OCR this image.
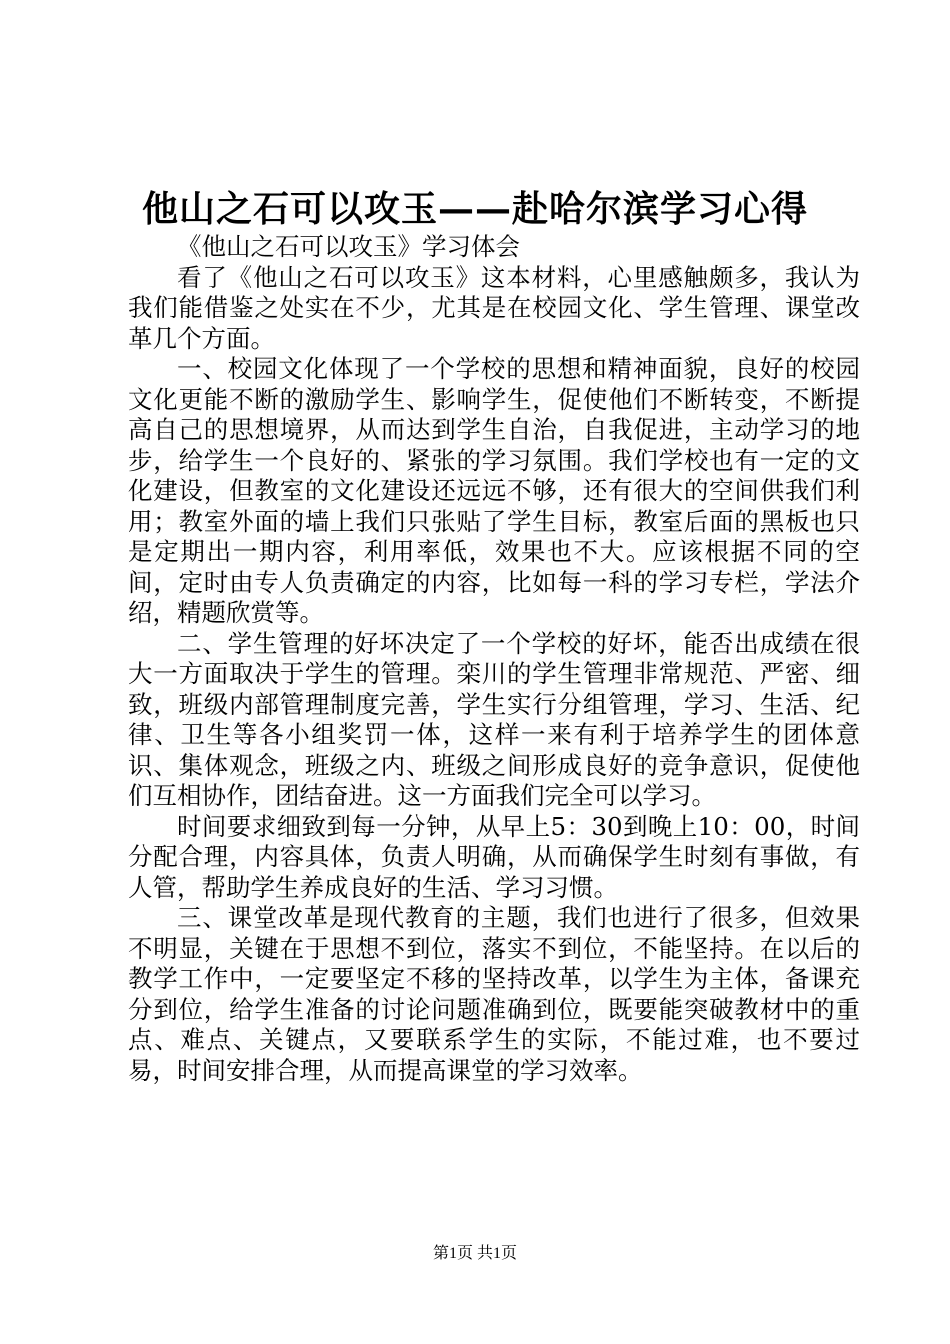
他山之石可以攻玉——赴哈尔滨学习心得

《他山之石可以攻玉》学习体会

看了《他山之石可以攻玉》这本材料，心里感触颇多，我认为我们能借鉴之处实在不少，尤其是在校园文化、学生管理、课堂改革几个方面。

一、校园文化体现了一个学校的思想和精神面貌，良好的校园文化更能不断的激励学生、影响学生，促使他们不断转变，不断提高自己的思想境界，从而达到学生自治，自我促进，主动学习的地步，给学生一个良好的、紧张的学习氛围。我们学校也有一定的文化建设，但教室的文化建设还远远不够，还有很大的空间供我们利用；教室外面的墙上我们只张贴了学生目标，教室后面的黑板也只是定期出一期内容，利用率低，效果也不大。应该根据不同的空间，定时由专人负责确定的内容，比如每一科的学习专栏，学法介绍，精题欣赏等。

二、学生管理的好坏决定了一个学校的好坏，能否出成绩在很大一方面取决于学生的管理。栾川的学生管理非常规范、严密、细致，班级内部管理制度完善，学生实行分组管理，学习、生活、纪律、卫生等各小组奖罚一体，这样一来有利于培养学生的团体意识、集体观念，班级之内、班级之间形成良好的竞争意识，促使他们互相协作，团结奋进。这一方面我们完全可以学习。

时间要求细致到每一分钟，从早上5：30到晚上10：00，时间分配合理，内容具体，负责人明确，从而确保学生时刻有事做，有人管，帮助学生养成良好的生活、学习习惯。

三、课堂改革是现代教育的主题，我们也进行了很多，但效果不明显，关键在于思想不到位，落实不到位，不能坚持。在以后的教学工作中，一定要坚定不移的坚持改革，以学生为主体，备课充分到位，给学生准备的讨论问题准确到位，既要能突破教材中的重点、难点、关键点，又要联系学生的实际，不能过难，也不要过易，时间安排合理，从而提高课堂的学习效率。

第1页 共1页
